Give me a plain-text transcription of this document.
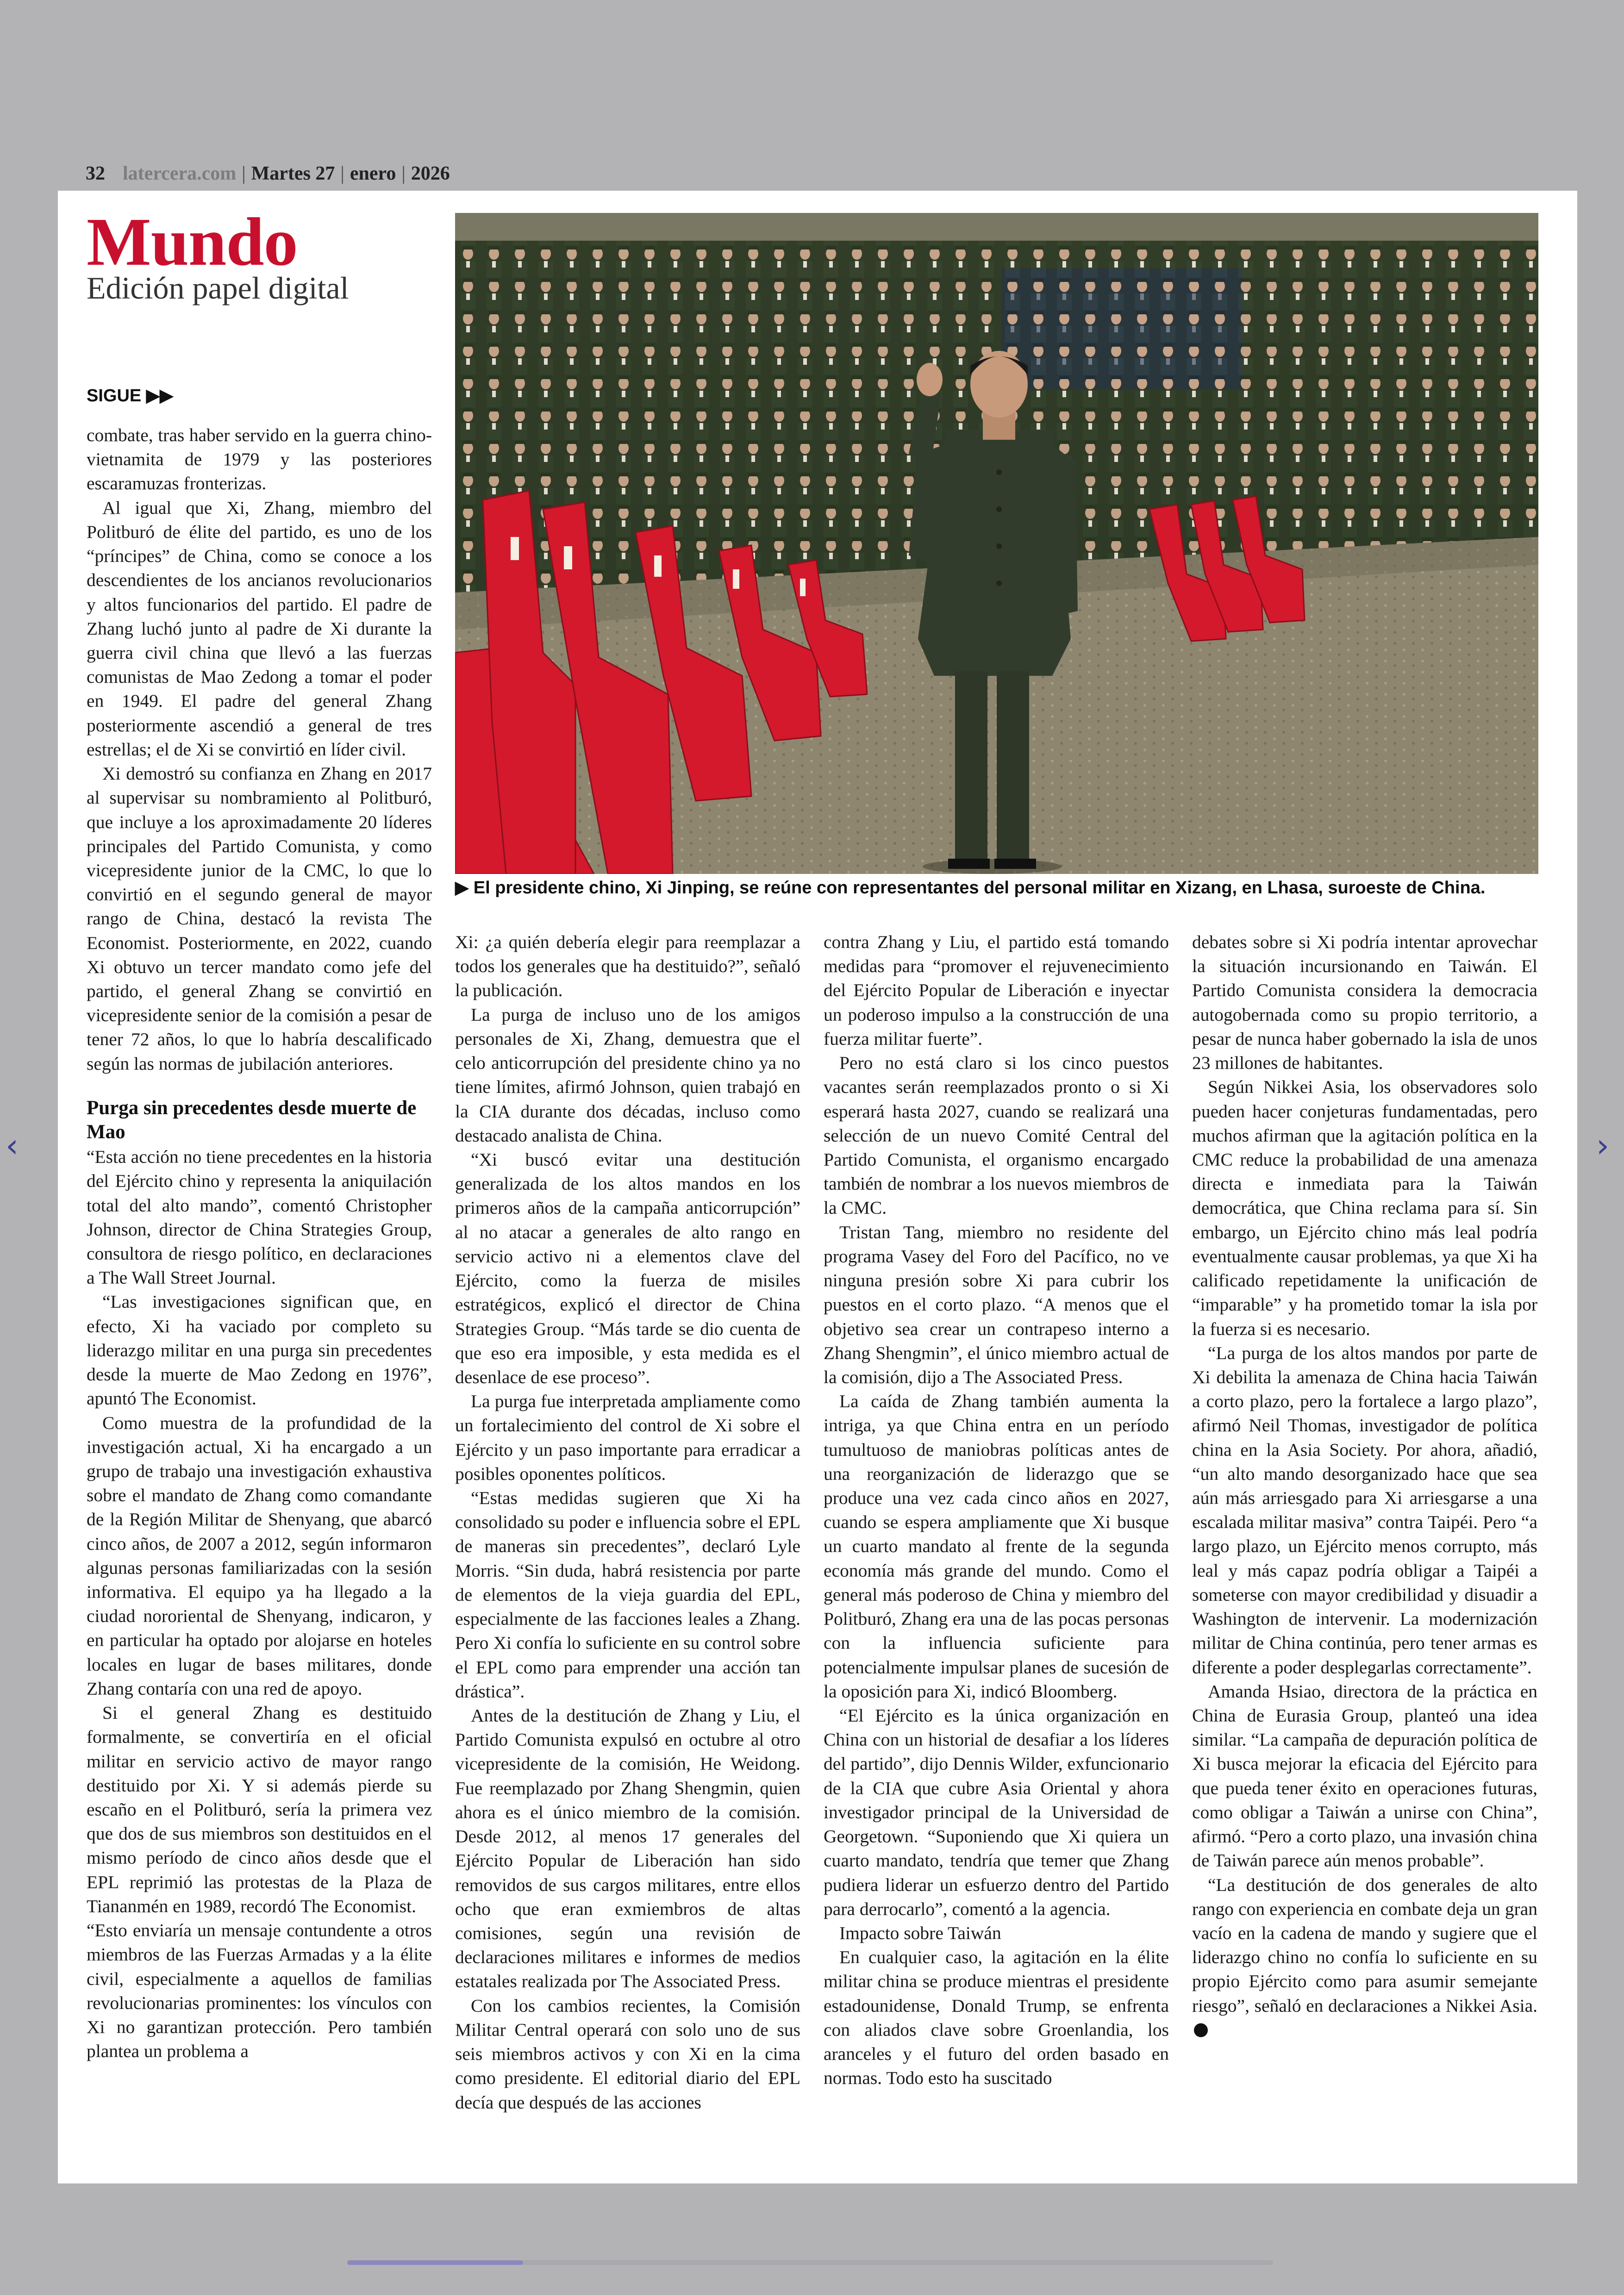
32 latercera.com | Martes 27 | enero | 2026
Mundo
Edición papel digital
SIGUE ▶▶
▶ El presidente chino, Xi Jinping, se reúne con representantes del personal militar en Xizang, en Lhasa, suroeste de China.

combate, tras haber servido en la guerra chino-vietnamita de 1979 y las posteriores escaramuzas fronterizas.

Al igual que Xi, Zhang, miembro del Politburó de élite del partido, es uno de los “príncipes” de China, como se conoce a los descendientes de los ancianos revolucionarios y altos funcionarios del partido. El padre de Zhang luchó junto al padre de Xi durante la guerra civil china que llevó a las fuerzas comunistas de Mao Zedong a tomar el poder en 1949. El padre del general Zhang posteriormente ascendió a general de tres estrellas; el de Xi se convirtió en líder civil.

Xi demostró su confianza en Zhang en 2017 al supervisar su nombramiento al Politburó, que incluye a los aproximadamente 20 líderes principales del Partido Comunista, y como vicepresidente junior de la CMC, lo que lo convirtió en el segundo general de mayor rango de China, destacó la revista The Economist. Posteriormente, en 2022, cuando Xi obtuvo un tercer mandato como jefe del partido, el general Zhang se convirtió en vicepresidente senior de la comisión a pesar de tener 72 años, lo que lo habría descalificado según las normas de jubilación anteriores.

Purga sin precedentes desde muerte de Mao

“Esta acción no tiene precedentes en la historia del Ejército chino y representa la aniquilación total del alto mando”, comentó Christopher Johnson, director de China Strategies Group, consultora de riesgo político, en declaraciones a The Wall Street Journal.

“Las investigaciones significan que, en efecto, Xi ha vaciado por completo su liderazgo militar en una purga sin precedentes desde la muerte de Mao Zedong en 1976”, apuntó The Economist.

Como muestra de la profundidad de la investigación actual, Xi ha encargado a un grupo de trabajo una investigación exhaustiva sobre el mandato de Zhang como comandante de la Región Militar de Shenyang, que abarcó cinco años, de 2007 a 2012, según informaron algunas personas familiarizadas con la sesión informativa. El equipo ya ha llegado a la ciudad nororiental de Shenyang, indicaron, y en particular ha optado por alojarse en hoteles locales en lugar de bases militares, donde Zhang contaría con una red de apoyo.

Si el general Zhang es destituido formalmente, se convertiría en el oficial militar en servicio activo de mayor rango destituido por Xi. Y si además pierde su escaño en el Politburó, sería la primera vez que dos de sus miembros son destituidos en el mismo período de cinco años desde que el EPL reprimió las protestas de la Plaza de Tiananmén en 1989, recordó The Economist.

“Esto enviaría un mensaje contundente a otros miembros de las Fuerzas Armadas y a la élite civil, especialmente a aquellos de familias revolucionarias prominentes: los vínculos con Xi no garantizan protección. Pero también plantea un problema a

Xi: ¿a quién debería elegir para reemplazar a todos los generales que ha destituido?”, señaló la publicación.

La purga de incluso uno de los amigos personales de Xi, Zhang, demuestra que el celo anticorrupción del presidente chino ya no tiene límites, afirmó Johnson, quien trabajó en la CIA durante dos décadas, incluso como destacado analista de China.

“Xi buscó evitar una destitución generalizada de los altos mandos en los primeros años de la campaña anticorrupción” al no atacar a generales de alto rango en servicio activo ni a elementos clave del Ejército, como la fuerza de misiles estratégicos, explicó el director de China Strategies Group. “Más tarde se dio cuenta de que eso era imposible, y esta medida es el desenlace de ese proceso”.

La purga fue interpretada ampliamente como un fortalecimiento del control de Xi sobre el Ejército y un paso importante para erradicar a posibles oponentes políticos.

“Estas medidas sugieren que Xi ha consolidado su poder e influencia sobre el EPL de maneras sin precedentes”, declaró Lyle Morris. “Sin duda, habrá resistencia por parte de elementos de la vieja guardia del EPL, especialmente de las facciones leales a Zhang. Pero Xi confía lo suficiente en su control sobre el EPL como para emprender una acción tan drástica”.

Antes de la destitución de Zhang y Liu, el Partido Comunista expulsó en octubre al otro vicepresidente de la comisión, He Weidong. Fue reemplazado por Zhang Shengmin, quien ahora es el único miembro de la comisión. Desde 2012, al menos 17 generales del Ejército Popular de Liberación han sido removidos de sus cargos militares, entre ellos ocho que eran exmiembros de altas comisiones, según una revisión de declaraciones militares e informes de medios estatales realizada por The Associated Press.

Con los cambios recientes, la Comisión Militar Central operará con solo uno de sus seis miembros activos y con Xi en la cima como presidente. El editorial diario del EPL decía que después de las acciones

contra Zhang y Liu, el partido está tomando medidas para “promover el rejuvenecimiento del Ejército Popular de Liberación e inyectar un poderoso impulso a la construcción de una fuerza militar fuerte”.

Pero no está claro si los cinco puestos vacantes serán reemplazados pronto o si Xi esperará hasta 2027, cuando se realizará una selección de un nuevo Comité Central del Partido Comunista, el organismo encargado también de nombrar a los nuevos miembros de la CMC.

Tristan Tang, miembro no residente del programa Vasey del Foro del Pacífico, no ve ninguna presión sobre Xi para cubrir los puestos en el corto plazo. “A menos que el objetivo sea crear un contrapeso interno a Zhang Shengmin”, el único miembro actual de la comisión, dijo a The Associated Press.

La caída de Zhang también aumenta la intriga, ya que China entra en un período tumultuoso de maniobras políticas antes de una reorganización de liderazgo que se produce una vez cada cinco años en 2027, cuando se espera ampliamente que Xi busque un cuarto mandato al frente de la segunda economía más grande del mundo. Como el general más poderoso de China y miembro del Politburó, Zhang era una de las pocas personas con la influencia suficiente para potencialmente impulsar planes de sucesión de la oposición para Xi, indicó Bloomberg.

“El Ejército es la única organización en China con un historial de desafiar a los líderes del partido”, dijo Dennis Wilder, exfuncionario de la CIA que cubre Asia Oriental y ahora investigador principal de la Universidad de Georgetown. “Suponiendo que Xi quiera un cuarto mandato, tendría que temer que Zhang pudiera liderar un esfuerzo dentro del Partido para derrocarlo”, comentó a la agencia.

Impacto sobre Taiwán

En cualquier caso, la agitación en la élite militar china se produce mientras el presidente estadounidense, Donald Trump, se enfrenta con aliados clave sobre Groenlandia, los aranceles y el futuro del orden basado en normas. Todo esto ha suscitado

debates sobre si Xi podría intentar aprovechar la situación incursionando en Taiwán. El Partido Comunista considera la democracia autogobernada como su propio territorio, a pesar de nunca haber gobernado la isla de unos 23 millones de habitantes.

Según Nikkei Asia, los observadores solo pueden hacer conjeturas fundamentadas, pero muchos afirman que la agitación política en la CMC reduce la probabilidad de una amenaza directa e inmediata para la Taiwán democrática, que China reclama para sí. Sin embargo, un Ejército chino más leal podría eventualmente causar problemas, ya que Xi ha calificado repetidamente la unificación de “imparable” y ha prometido tomar la isla por la fuerza si es necesario.

“La purga de los altos mandos por parte de Xi debilita la amenaza de China hacia Taiwán a corto plazo, pero la fortalece a largo plazo”, afirmó Neil Thomas, investigador de política china en la Asia Society. Por ahora, añadió, “un alto mando desorganizado hace que sea aún más arriesgado para Xi arriesgarse a una escalada militar masiva” contra Taipéi. Pero “a largo plazo, un Ejército menos corrupto, más leal y más capaz podría obligar a Taipéi a someterse con mayor credibilidad y disuadir a Washington de intervenir. La modernización militar de China continúa, pero tener armas es diferente a poder desplegarlas correctamente”.

Amanda Hsiao, directora de la práctica en China de Eurasia Group, planteó una idea similar. “La campaña de depuración política de Xi busca mejorar la eficacia del Ejército para que pueda tener éxito en operaciones futuras, como obligar a Taiwán a unirse con China”, afirmó. “Pero a corto plazo, una invasión china de Taiwán parece aún menos probable”.

“La destitución de dos generales de alto rango con experiencia en combate deja un gran vacío en la cadena de mando y sugiere que el liderazgo chino no confía lo suficiente en su propio Ejército como para asumir semejante riesgo”, señaló en declaraciones a Nikkei Asia.

‹	›
